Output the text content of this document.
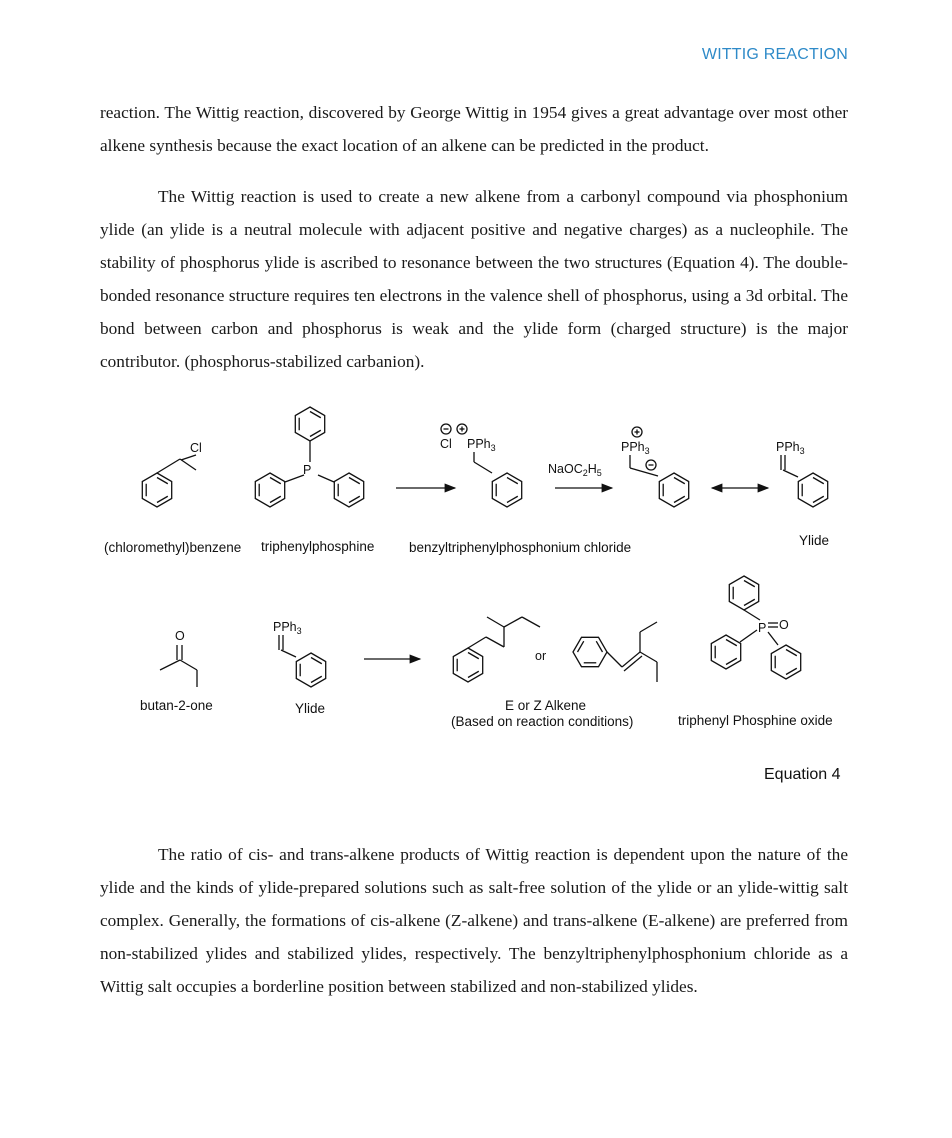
WITTIG REACTION
reaction. The Wittig reaction, discovered by George Wittig in 1954 gives a great advantage over most other alkene synthesis because the exact location of an alkene can be predicted in the product.
The Wittig reaction is used to create a new alkene from a carbonyl compound via phosphonium ylide (an ylide is a neutral molecule with adjacent positive and negative charges) as a nucleophile. The stability of phosphorus ylide is ascribed to resonance between the two structures (Equation 4). The double-bonded resonance structure requires ten electrons in the valence shell of phosphorus, using a 3d orbital. The bond between carbon and phosphorus is weak and the ylide form (charged structure) is the major contributor. (phosphorus-stabilized carbanion).
Cl
P
Cl PPh$_3$
$NaOC_2H_5$
PPh$_3$	PPh$_3$
O
PPh$_3$
or
P O
(chloromethyl)benzene triphenylphosphine	benzyltriphenylphosphonium chloride	Ylide
butan-2-one	Ylide	E or Z Alkene
(Based on reaction conditions)	triphenyl Phosphine oxide
Equation 4
The ratio of cis- and trans-alkene products of Wittig reaction is dependent upon the nature of the ylide and the kinds of ylide-prepared solutions such as salt-free solution of the ylide or an ylide-wittig salt complex. Generally, the formations of cis-alkene (Z-alkene) and trans-alkene (E-alkene) are preferred from non-stabilized ylides and stabilized ylides, respectively. The benzyltriphenylphosphonium chloride as a Wittig salt occupies a borderline position between stabilized and non-stabilized ylides.
